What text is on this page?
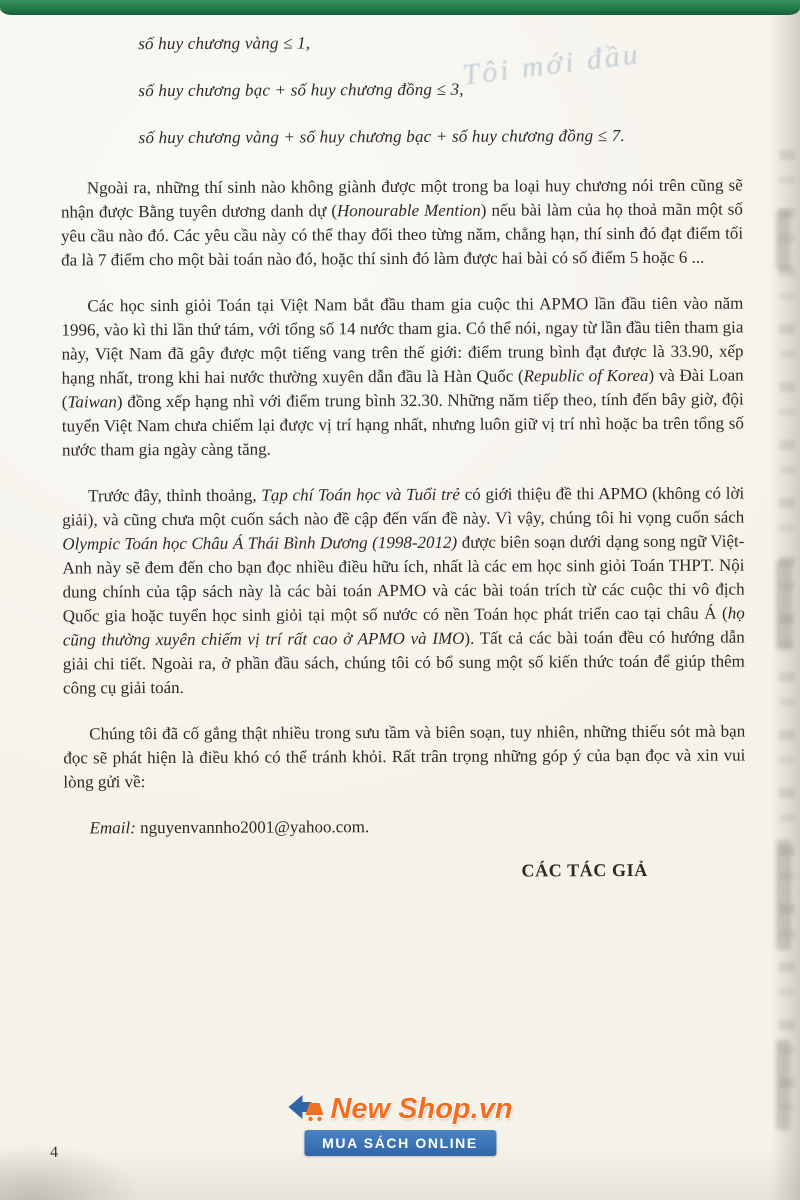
Tôi mới đầu
số huy chương vàng ≤ 1,
số huy chương bạc + số huy chương đồng ≤ 3,
số huy chương vàng + số huy chương bạc + số huy chương đồng ≤ 7.

Ngoài ra, những thí sinh nào không giành được một trong ba loại huy chương nói trên cũng sẽ nhận được Bằng tuyên dương danh dự (Honourable Mention) nếu bài làm của họ thoả mãn một số yêu cầu nào đó. Các yêu cầu này có thể thay đổi theo từng năm, chẳng hạn, thí sinh đó đạt điểm tối đa là 7 điểm cho một bài toán nào đó, hoặc thí sinh đó làm được hai bài có số điểm 5 hoặc 6 ...

Các học sinh giỏi Toán tại Việt Nam bắt đầu tham gia cuộc thi APMO lần đầu tiên vào năm 1996, vào kì thi lần thứ tám, với tổng số 14 nước tham gia. Có thể nói, ngay từ lần đầu tiên tham gia này, Việt Nam đã gây được một tiếng vang trên thế giới: điểm trung bình đạt được là 33.90, xếp hạng nhất, trong khi hai nước thường xuyên dẫn đầu là Hàn Quốc (Republic of Korea) và Đài Loan (Taiwan) đồng xếp hạng nhì với điểm trung bình 32.30. Những năm tiếp theo, tính đến bây giờ, đội tuyển Việt Nam chưa chiếm lại được vị trí hạng nhất, nhưng luôn giữ vị trí nhì hoặc ba trên tổng số nước tham gia ngày càng tăng.

Trước đây, thỉnh thoảng, Tạp chí Toán học và Tuổi trẻ có giới thiệu đề thi APMO (không có lời giải), và cũng chưa một cuốn sách nào đề cập đến vấn đề này. Vì vậy, chúng tôi hi vọng cuốn sách Olympic Toán học Châu Á Thái Bình Dương (1998-2012) được biên soạn dưới dạng song ngữ Việt-Anh này sẽ đem đến cho bạn đọc nhiều điều hữu ích, nhất là các em học sinh giỏi Toán THPT. Nội dung chính của tập sách này là các bài toán APMO và các bài toán trích từ các cuộc thi vô địch Quốc gia hoặc tuyển học sinh giỏi tại một số nước có nền Toán học phát triển cao tại châu Á (họ cũng thường xuyên chiếm vị trí rất cao ở APMO và IMO). Tất cả các bài toán đều có hướng dẫn giải chi tiết. Ngoài ra, ở phần đầu sách, chúng tôi có bổ sung một số kiến thức toán để giúp thêm công cụ giải toán.

Chúng tôi đã cố gắng thật nhiều trong sưu tầm và biên soạn, tuy nhiên, những thiếu sót mà bạn đọc sẽ phát hiện là điều khó có thể tránh khỏi. Rất trân trọng những góp ý của bạn đọc và xin vui lòng gửi về:

Email: nguyenvannho2001@yahoo.com.
CÁC TÁC GIẢ
4
New Shop.vn
MUA SÁCH ONLINE
